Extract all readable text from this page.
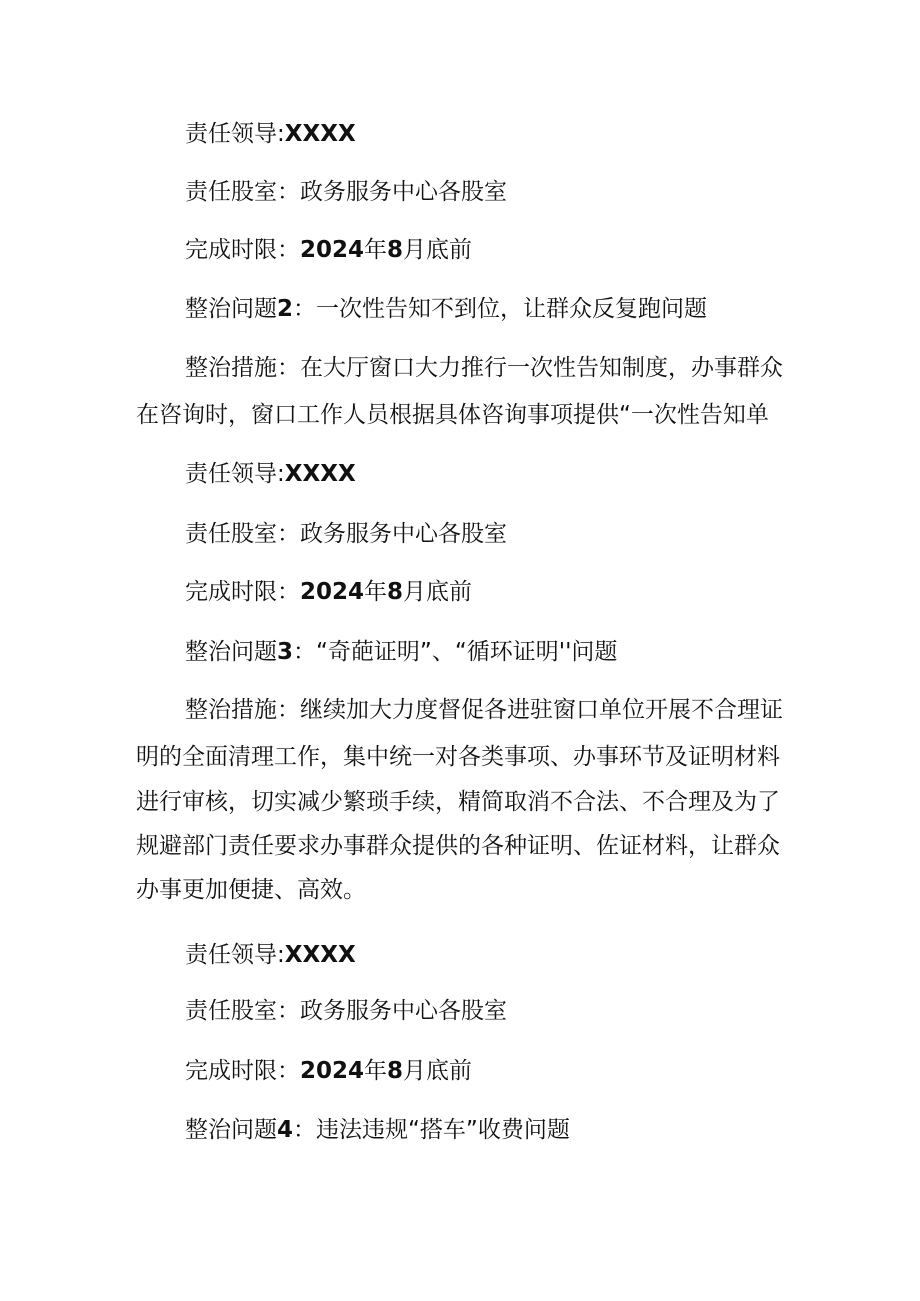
责任领导:XXXX
责任股室：政务服务中心各股室
完成时限：2024年8月底前
整治问题2：一次性告知不到位，让群众反复跑问题
整治措施：在大厅窗口大力推行一次性告知制度，办事群众
在咨询时，窗口工作人员根据具体咨询事项提供“一次性告知单
责任领导:XXXX
责任股室：政务服务中心各股室
完成时限：2024年8月底前
整治问题3：“奇葩证明”、“循环证明''问题
整治措施：继续加大力度督促各进驻窗口单位开展不合理证
明的全面清理工作，集中统一对各类事项、办事环节及证明材料
进行审核，切实减少繁琐手续，精简取消不合法、不合理及为了
规避部门责任要求办事群众提供的各种证明、佐证材料，让群众
办事更加便捷、高效。
责任领导:XXXX
责任股室：政务服务中心各股室
完成时限：2024年8月底前
整治问题4：违法违规“搭车”收费问题
